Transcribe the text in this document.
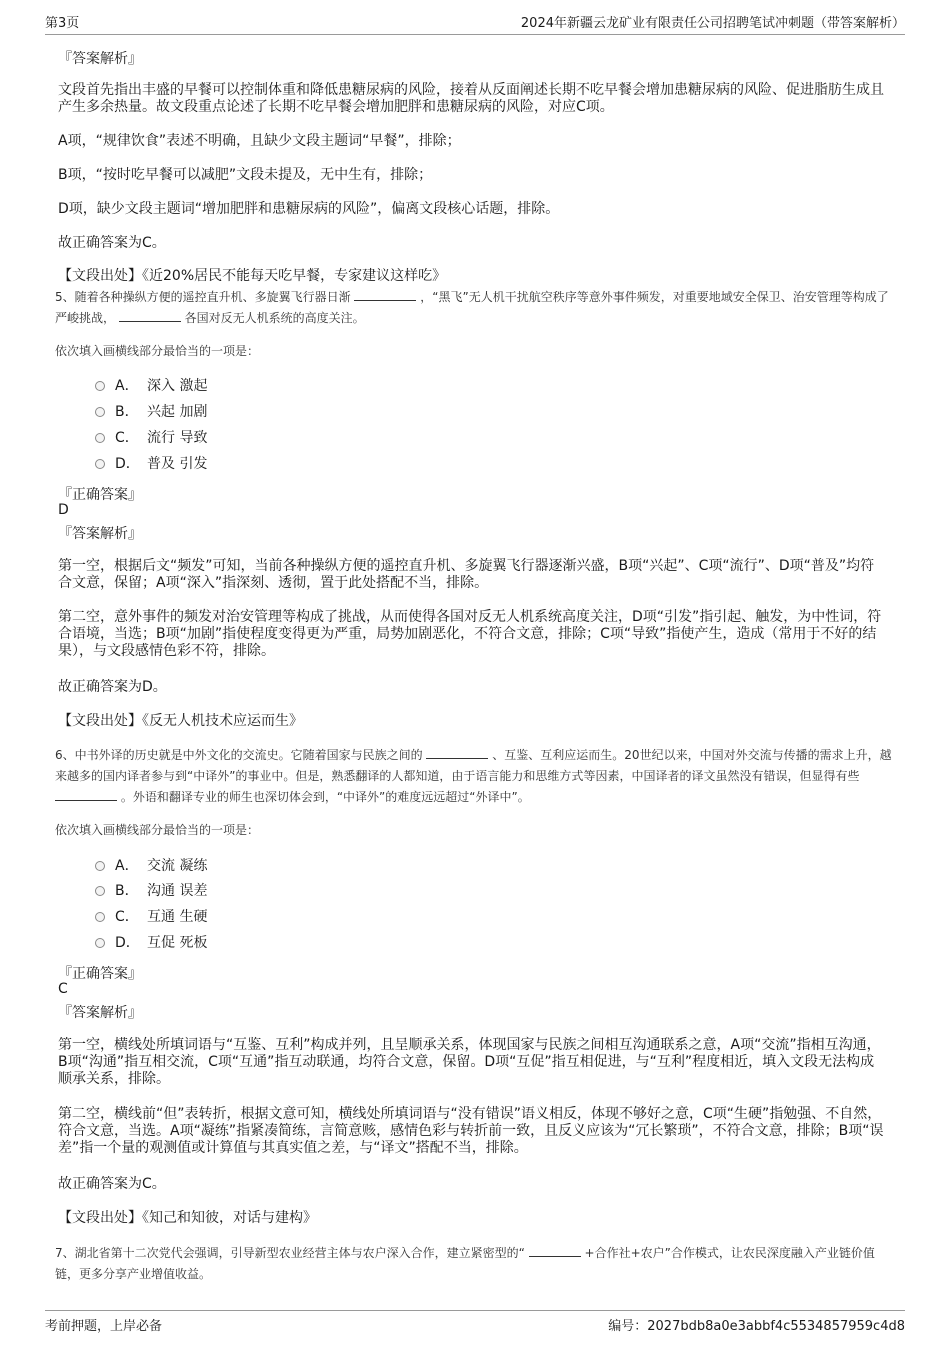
第3页	2024年新疆云龙矿业有限责任公司招聘笔试冲刺题（带答案解析）
『答案解析』
文段首先指出丰盛的早餐可以控制体重和降低患糖尿病的风险，接着从反面阐述长期不吃早餐会增加患糖尿病的风险、促进脂肪生成且产生多余热量。故文段重点论述了长期不吃早餐会增加肥胖和患糖尿病的风险，对应C项。
A项，“规律饮食”表述不明确，且缺少文段主题词“早餐”，排除；
B项，“按时吃早餐可以减肥”文段未提及，无中生有，排除；
D项，缺少文段主题词“增加肥胖和患糖尿病的风险”，偏离文段核心话题，排除。
故正确答案为C。
【文段出处】《近20%居民不能每天吃早餐，专家建议这样吃》
5、随着各种操纵方便的遥控直升机、多旋翼飞行器日渐	，“黑飞”无人机干扰航空秩序等意外事件频发，对重要地域安全保卫、治安管理等构成了严峻挑战，	各国对反无人机系统的高度关注。
依次填入画横线部分最恰当的一项是：
A． 深入 激起
B． 兴起 加剧
C． 流行 导致
D． 普及 引发
『正确答案』
D
『答案解析』
第一空，根据后文“频发”可知，当前各种操纵方便的遥控直升机、多旋翼飞行器逐渐兴盛，B项“兴起”、C项“流行”、D项“普及”均符合文意，保留；A项“深入”指深刻、透彻，置于此处搭配不当，排除。
第二空，意外事件的频发对治安管理等构成了挑战，从而使得各国对反无人机系统高度关注，D项“引发”指引起、触发，为中性词，符合语境，当选；B项“加剧”指使程度变得更为严重，局势加剧恶化，不符合文意，排除；C项“导致”指使产生，造成（常用于不好的结果），与文段感情色彩不符，排除。
故正确答案为D。
【文段出处】《反无人机技术应运而生》
6、中书外译的历史就是中外文化的交流史。它随着国家与民族之间的	、互鉴、互利应运而生。20世纪以来，中国对外交流与传播的需求上升，越来越多的国内译者参与到“中译外”的事业中。但是，熟悉翻译的人都知道，由于语言能力和思维方式等因素，中国译者的译文虽然没有错误，但显得有些  。外语和翻译专业的师生也深切体会到，“中译外”的难度远远超过“外译中”。
依次填入画横线部分最恰当的一项是：
A． 交流 凝练
B． 沟通 误差
C． 互通 生硬
D． 互促 死板
『正确答案』
C
『答案解析』
第一空，横线处所填词语与“互鉴、互利”构成并列，且呈顺承关系，体现国家与民族之间相互沟通联系之意，A项“交流”指相互沟通，B项“沟通”指互相交流，C项“互通”指互动联通，均符合文意，保留。D项“互促”指互相促进，与“互利”程度相近，填入文段无法构成顺承关系，排除。
第二空，横线前“但”表转折，根据文意可知，横线处所填词语与“没有错误”语义相反，体现不够好之意，C项“生硬”指勉强、不自然，符合文意，当选。A项“凝练”指紧凑简练，言简意赅，感情色彩与转折前一致，且反义应该为“冗长繁琐”，不符合文意，排除；B项“误差”指一个量的观测值或计算值与其真实值之差，与“译文”搭配不当，排除。
故正确答案为C。
【文段出处】《知己和知彼，对话与建构》
7、湖北省第十二次党代会强调，引导新型农业经营主体与农户深入合作，建立紧密型的“	+合作社+农户”合作模式，让农民深度融入产业链价值链，更多分享产业增值收益。
考前押题，上岸必备	编号：2027bdb8a0e3abbf4c5534857959c4d8
